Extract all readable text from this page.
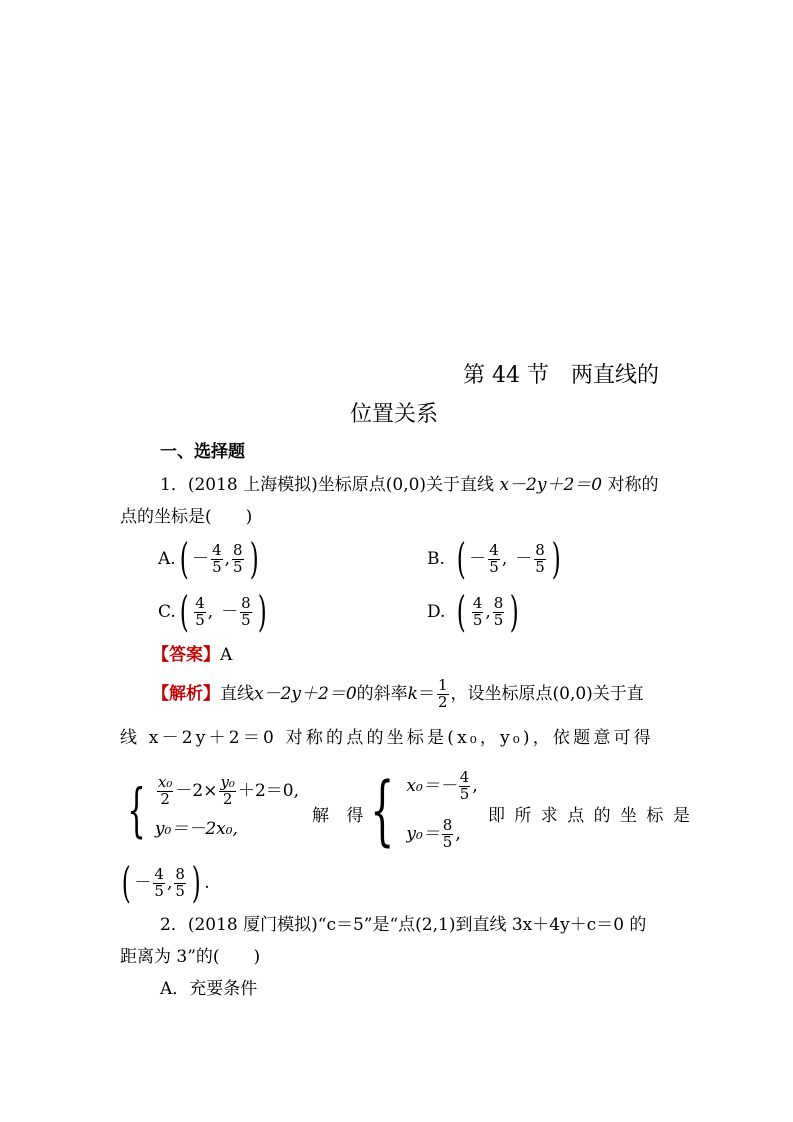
第 44 节　两直线的
位置关系
一、选择题
1．(2018 上海模拟)坐标原点(0,0)关于直线 x－2y＋2＝0 对称的
点的坐标是(　　)
A. ( － $\frac{4}{5}$ , $\frac{8}{5}$ )	B. ( － $\frac{4}{5}$ , － $\frac{8}{5}$ )
C. ( $\frac{4}{5}$ , － $\frac{8}{5}$ )	D. ( $\frac{4}{5}$ , $\frac{8}{5}$ )
【答案】A
【解析】 直线 x－2y＋2＝0 的斜率 $k = \frac{1}{2}$ ，设坐标原点(0,0)关于直
线 x－2y＋2＝0 对称的点的坐标是(x₀，y₀)，依题意可得
{ $\frac{\text{x₀}}{2} -2\times \frac{\text{y₀}}{2} +2=0$,
y₀＝－2x₀,
解 得 { $x_0=- \frac{4}{5}$ ,
$y_0= \frac{8}{5}$ ,
即 所 求 点 的 坐 标 是
( － $\frac{4}{5}$ , $\frac{8}{5}$ ) .
2．(2018 厦门模拟)“c＝5”是“点(2,1)到直线 3x＋4y＋c＝0 的
距离为 3”的(　　)
A．充要条件
